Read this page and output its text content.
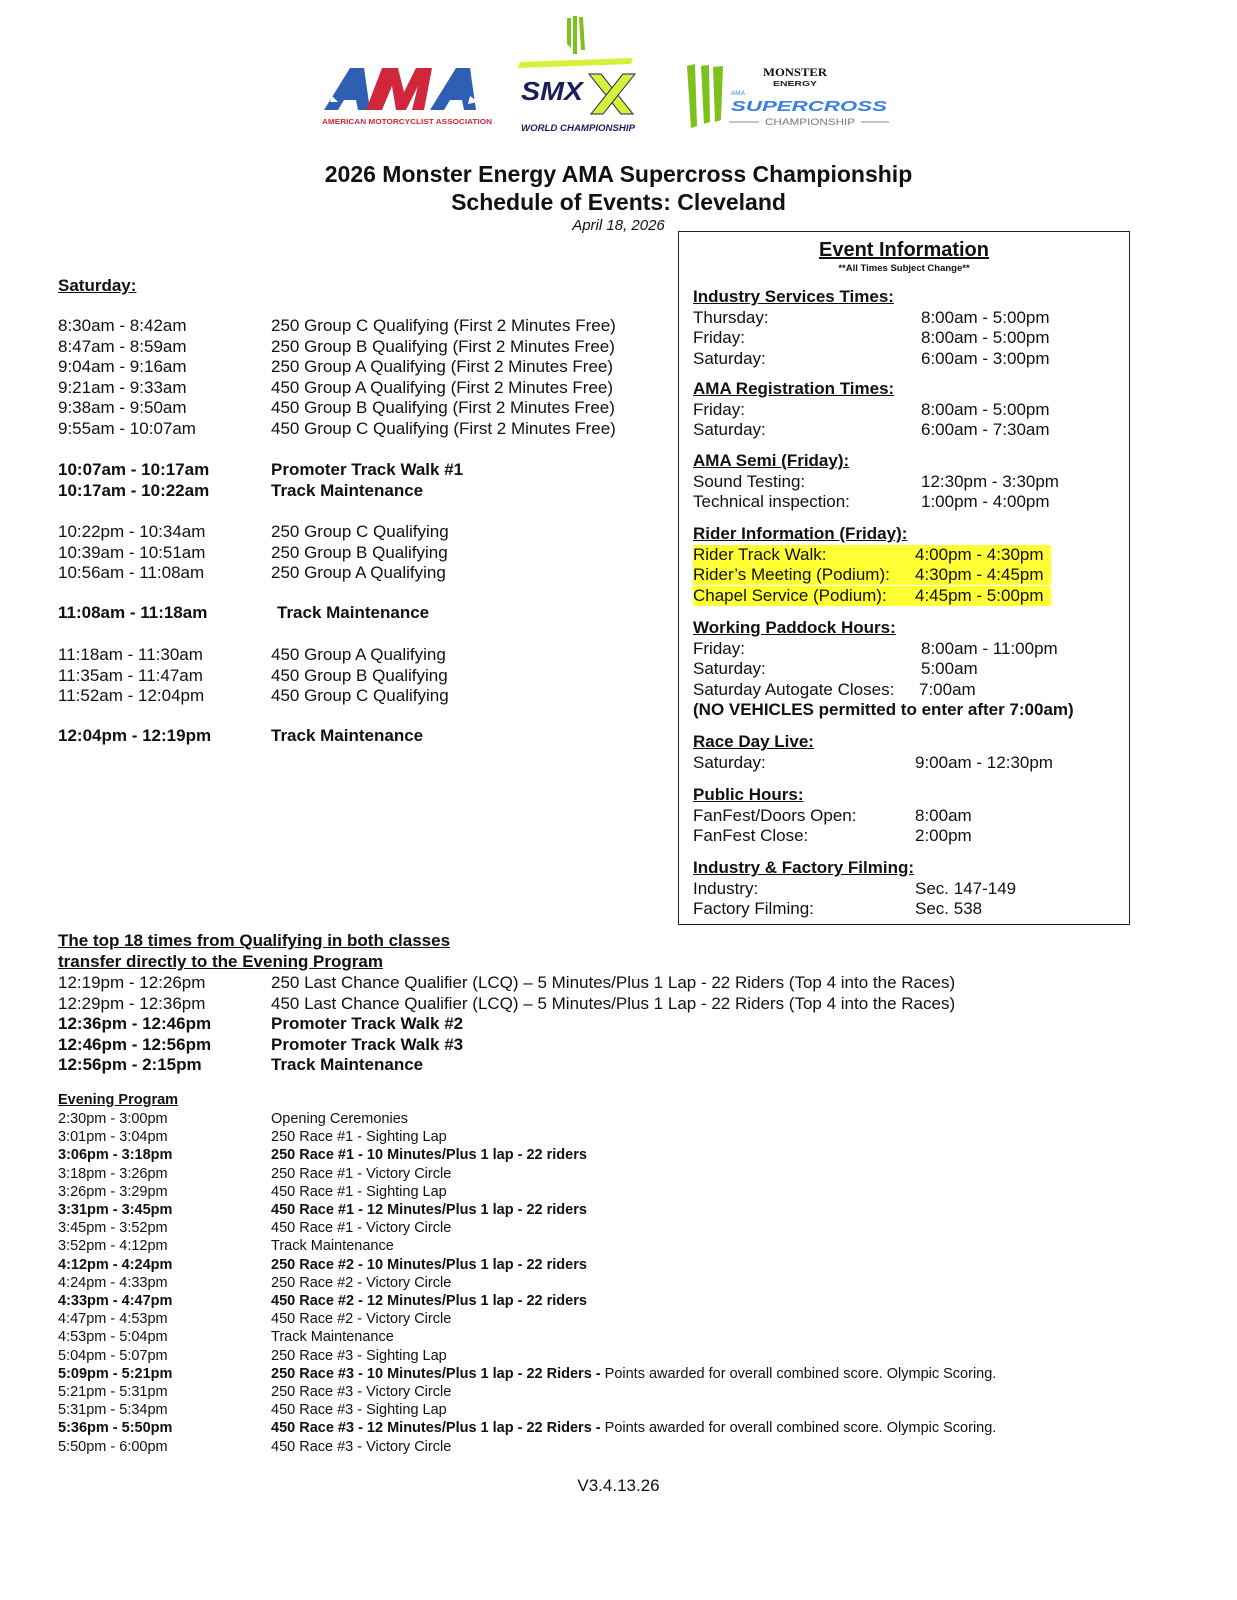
AMERICAN MOTORCYCLIST ASSOCIATION
SMX
WORLD CHAMPIONSHIP
MONSTER
ENERGY
AMA
SUPERCROSS
CHAMPIONSHIP
2026 Monster Energy AMA Supercross Championship
Schedule of Events: Cleveland
April 18, 2026
Saturday:
8:30am - 8:42am	250 Group C Qualifying (First 2 Minutes Free)
8:47am - 8:59am	250 Group B Qualifying (First 2 Minutes Free)
9:04am - 9:16am	250 Group A Qualifying (First 2 Minutes Free)
9:21am - 9:33am	450 Group A Qualifying (First 2 Minutes Free)
9:38am - 9:50am	450 Group B Qualifying (First 2 Minutes Free)
9:55am - 10:07am	450 Group C Qualifying (First 2 Minutes Free)
10:07am - 10:17am	Promoter Track Walk #1
10:17am - 10:22am	Track Maintenance
10:22pm - 10:34am	250 Group C Qualifying
10:39am - 10:51am	250 Group B Qualifying
10:56am - 11:08am	250 Group A Qualifying
11:08am - 11:18am	Track Maintenance
11:18am - 11:30am	450 Group A Qualifying
11:35am - 11:47am	450 Group B Qualifying
11:52am - 12:04pm	450 Group C Qualifying
12:04pm - 12:19pm	Track Maintenance
The top 18 times from Qualifying in both classes
transfer directly to the Evening Program
12:19pm - 12:26pm	250 Last Chance Qualifier (LCQ) – 5 Minutes/Plus 1 Lap - 22 Riders (Top 4 into the Races)
12:29pm - 12:36pm	450 Last Chance Qualifier (LCQ) – 5 Minutes/Plus 1 Lap - 22 Riders (Top 4 into the Races)
12:36pm - 12:46pm	Promoter Track Walk #2
12:46pm - 12:56pm	Promoter Track Walk #3
12:56pm - 2:15pm	Track Maintenance
Evening Program
2:30pm - 3:00pm	Opening Ceremonies
3:01pm - 3:04pm	250 Race #1 - Sighting Lap
3:06pm - 3:18pm	250 Race #1 - 10 Minutes/Plus 1 lap - 22 riders
3:18pm - 3:26pm	250 Race #1 - Victory Circle
3:26pm - 3:29pm	450 Race #1 - Sighting Lap
3:31pm - 3:45pm	450 Race #1 - 12 Minutes/Plus 1 lap - 22 riders
3:45pm - 3:52pm	450 Race #1 - Victory Circle
3:52pm - 4:12pm	Track Maintenance
4:12pm - 4:24pm	250 Race #2 - 10 Minutes/Plus 1 lap - 22 riders
4:24pm - 4:33pm	250 Race #2 - Victory Circle
4:33pm - 4:47pm	450 Race #2 - 12 Minutes/Plus 1 lap - 22 riders
4:47pm - 4:53pm	450 Race #2 - Victory Circle
4:53pm - 5:04pm	Track Maintenance
5:04pm - 5:07pm	250 Race #3 - Sighting Lap
5:09pm - 5:21pm	250 Race #3 - 10 Minutes/Plus 1 lap - 22 Riders - Points awarded for overall combined score. Olympic Scoring.
5:21pm - 5:31pm	250 Race #3 - Victory Circle
5:31pm - 5:34pm	450 Race #3 - Sighting Lap
5:36pm - 5:50pm	450 Race #3 - 12 Minutes/Plus 1 lap - 22 Riders - Points awarded for overall combined score. Olympic Scoring.
5:50pm - 6:00pm	450 Race #3 - Victory Circle
Event Information
**All Times Subject Change**
Industry Services Times:
Thursday:	8:00am - 5:00pm
Friday:	8:00am - 5:00pm
Saturday:	6:00am - 3:00pm
AMA Registration Times:
Friday:	8:00am - 5:00pm
Saturday:	6:00am - 7:30am
AMA Semi (Friday):
Sound Testing:	12:30pm - 3:30pm
Technical inspection:	1:00pm - 4:00pm
Rider Information (Friday):
Rider Track Walk:	4:00pm - 4:30pm
Rider’s Meeting (Podium): 4:30pm - 4:45pm
Chapel Service (Podium): 4:45pm - 5:00pm
Working Paddock Hours:
Friday:	8:00am - 11:00pm
Saturday:	5:00am
Saturday Autogate Closes: 7:00am
(NO VEHICLES permitted to enter after 7:00am)
Race Day Live:
Saturday:	9:00am - 12:30pm
Public Hours:
FanFest/Doors Open:	8:00am
FanFest Close:	2:00pm
Industry & Factory Filming:
Industry:	Sec. 147-149
Factory Filming:	Sec. 538
V3.4.13.26
